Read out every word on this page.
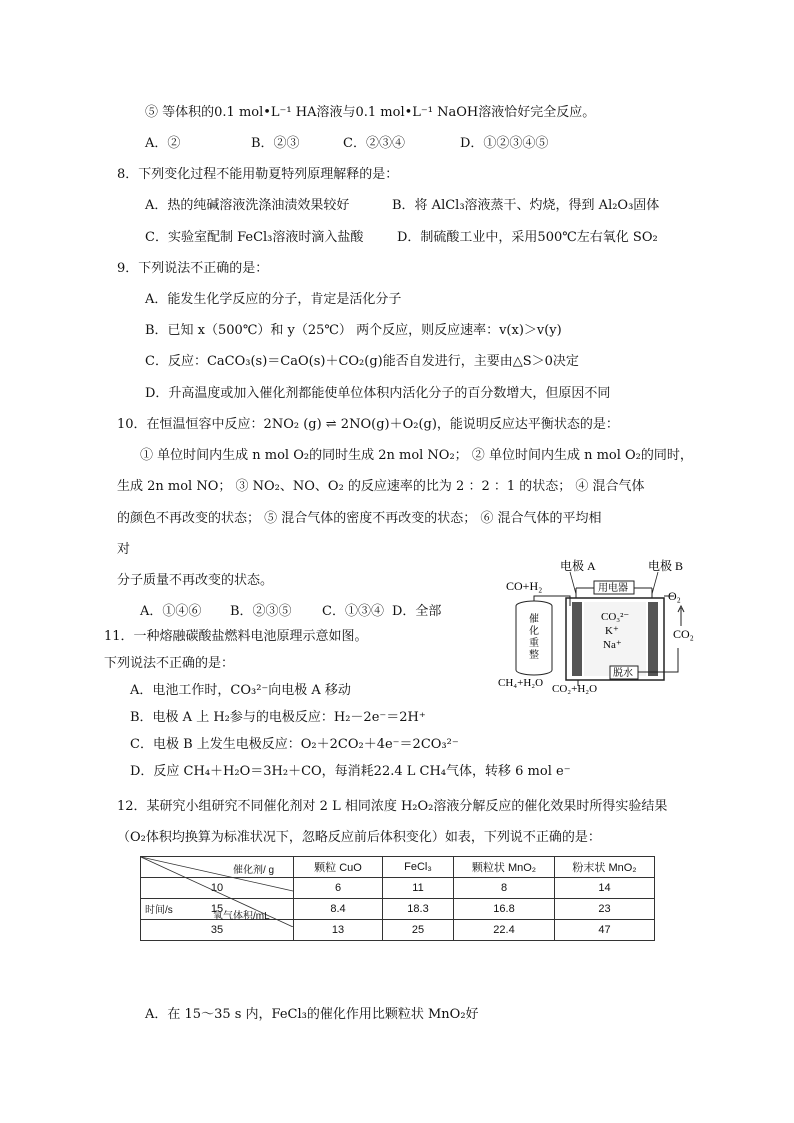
⑤ 等体积的0.1 mol•L⁻¹ HA溶液与0.1 mol•L⁻¹ NaOH溶液恰好完全反应。
A．②	B．②③	C．②③④	D．①②③④⑤
8．下列变化过程不能用勒夏特列原理解释的是：
A．热的纯碱溶液洗涤油渍效果较好	B．将 AlCl₃溶液蒸干、灼烧，得到 Al₂O₃固体
C．实验室配制 FeCl₃溶液时滴入盐酸	D．制硫酸工业中，采用500℃左右氧化 SO₂
9．下列说法不正确的是：
A．能发生化学反应的分子，肯定是活化分子
B．已知 x（500℃）和 y（25℃） 两个反应，则反应速率：v(x)＞v(y)
C．反应：CaCO₃(s)＝CaO(s)＋CO₂(g)能否自发进行，主要由△S＞0决定
D．升高温度或加入催化剂都能使单位体积内活化分子的百分数增大，但原因不同
10．在恒温恒容中反应：2NO₂ (g) ⇌ 2NO(g)＋O₂(g)，能说明反应达平衡状态的是：
① 单位时间内生成 n mol O₂的同时生成 2n mol NO₂； ② 单位时间内生成 n mol O₂的同时，
生成 2n mol NO； ③ NO₂、NO、O₂ 的反应速率的比为 2 ：2 ：1 的状态； ④ 混合气体
的颜色不再改变的状态； ⑤ 混合气体的密度不再改变的状态； ⑥ 混合气体的平均相
对
分子质量不再改变的状态。
A．①④⑥ B．②③⑤ C．①③④ D．全部
11．一种熔融碳酸盐燃料电池原理示意如图。
下列说法不正确的是：
A．电池工作时，CO₃²⁻向电极 A 移动
B．电极 A 上 H₂参与的电极反应：H₂－2e⁻＝2H⁺
C．电极 B 上发生电极反应：O₂＋2CO₂＋4e⁻＝2CO₃²⁻
D．反应 CH₄＋H₂O＝3H₂＋CO，每消耗22.4 L CH₄气体，转移 6 mol e⁻
电极 A	电极 B
CO+H₂	用电器
CO₃²⁻
K⁺
Na⁺
催
化
重
整
O₂
CO₂
CH₄+H₂O CO₂+H₂O
脱水
12．某研究小组研究不同催化剂对 2 L 相同浓度 H₂O₂溶液分解反应的催化效果时所得实验结果
（O₂体积均换算为标准状况下，忽略反应前后体积变化）如表，下列说不正确的是：
催化剂/ g
时间/s
氧气体积/mL	颗粒 CuO	FeCl₃	颗粒状 MnO₂	粉末状 MnO₂
10	6	11	8	14
15	8.4	18.3	16.8	23
35	13	25	22.4	47
A．在 15～35 s 内，FeCl₃的催化作用比颗粒状 MnO₂好
